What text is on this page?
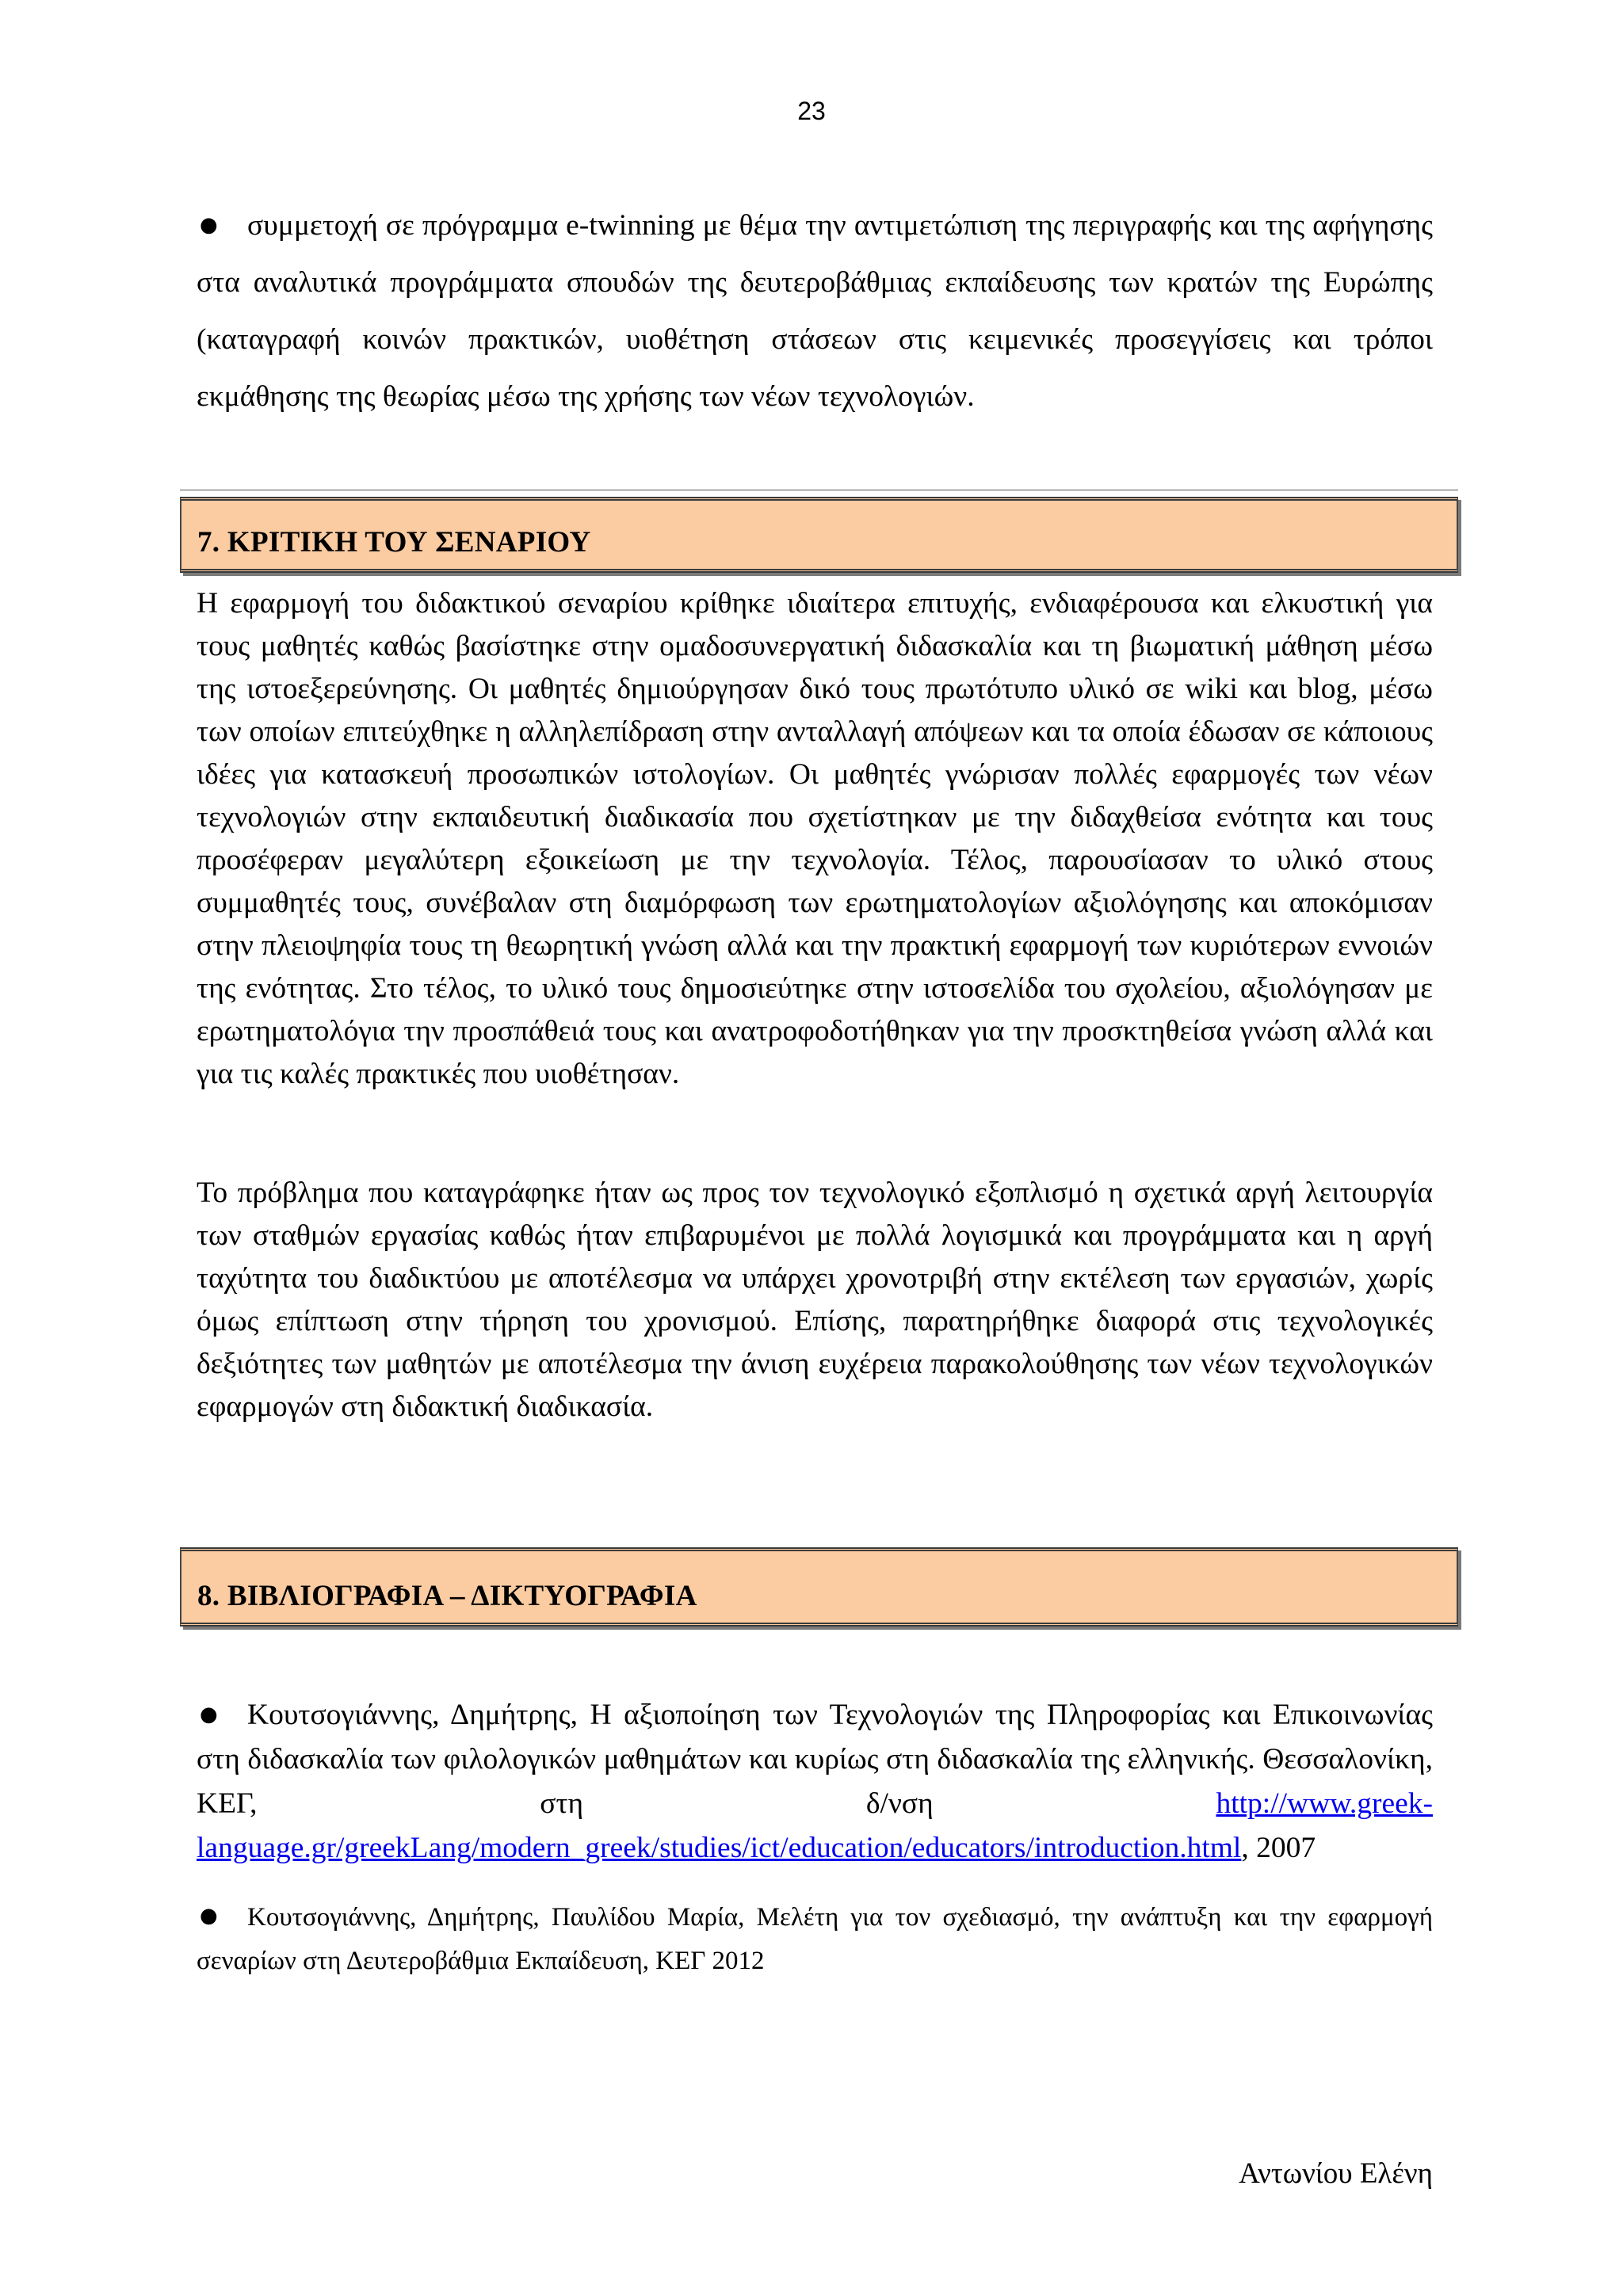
23

● συμμετοχή σε πρόγραμμα e-twinning με θέμα την αντιμετώπιση της περιγραφής και της αφήγησης στα αναλυτικά προγράμματα σπουδών της δευτεροβάθμιας εκπαίδευσης των κρατών της Ευρώπης (καταγραφή κοινών πρακτικών, υιοθέτηση στάσεων στις κειμενικές προσεγγίσεις και τρόποι εκμάθησης της θεωρίας μέσω της χρήσης των νέων τεχνολογιών.

7. ΚΡΙΤΙΚΗ ΤΟΥ ΣΕΝΑΡΙΟΥ

Η εφαρμογή του διδακτικού σεναρίου κρίθηκε ιδιαίτερα επιτυχής, ενδιαφέρουσα και ελκυστική για τους μαθητές καθώς βασίστηκε στην ομαδοσυνεργατική διδασκαλία και τη βιωματική μάθηση μέσω της ιστοεξερεύνησης. Οι μαθητές δημιούργησαν δικό τους πρωτότυπο υλικό σε wiki και blog, μέσω των οποίων επιτεύχθηκε η αλληλεπίδραση στην ανταλλαγή απόψεων και τα οποία έδωσαν σε κάποιους ιδέες για κατασκευή προσωπικών ιστολογίων. Οι μαθητές γνώρισαν πολλές εφαρμογές των νέων τεχνολογιών στην εκπαιδευτική διαδικασία που σχετίστηκαν με την διδαχθείσα ενότητα και τους προσέφεραν μεγαλύτερη εξοικείωση με την τεχνολογία. Τέλος, παρουσίασαν το υλικό στους συμμαθητές τους, συνέβαλαν στη διαμόρφωση των ερωτηματολογίων αξιολόγησης και αποκόμισαν στην πλειοψηφία τους τη θεωρητική γνώση αλλά και την πρακτική εφαρμογή των κυριότερων εννοιών της ενότητας. Στο τέλος, το υλικό τους δημοσιεύτηκε στην ιστοσελίδα του σχολείου, αξιολόγησαν με ερωτηματολόγια την προσπάθειά τους και ανατροφοδοτήθηκαν για την προσκτηθείσα γνώση αλλά και για τις καλές πρακτικές που υιοθέτησαν.

Το πρόβλημα που καταγράφηκε ήταν ως προς τον τεχνολογικό εξοπλισμό η σχετικά αργή λειτουργία των σταθμών εργασίας καθώς ήταν επιβαρυμένοι με πολλά λογισμικά και προγράμματα και η αργή ταχύτητα του διαδικτύου με αποτέλεσμα να υπάρχει χρονοτριβή στην εκτέλεση των εργασιών, χωρίς όμως επίπτωση στην τήρηση του χρονισμού. Επίσης, παρατηρήθηκε διαφορά στις τεχνολογικές δεξιότητες των μαθητών με αποτέλεσμα την άνιση ευχέρεια παρακολούθησης των νέων τεχνολογικών εφαρμογών στη διδακτική διαδικασία.

8. ΒΙΒΛΙΟΓΡΑΦΙΑ – ΔΙΚΤΥΟΓΡΑΦΙΑ

● Κουτσογιάννης, Δημήτρης, Η αξιοποίηση των Τεχνολογιών της Πληροφορίας και Επικοινωνίας στη διδασκαλία των φιλολογικών μαθημάτων και κυρίως στη διδασκαλία της ελληνικής. Θεσσαλονίκη, ΚΕΓ, στη δ/νση http://www.greek-language.gr/greekLang/modern_greek/studies/ict/education/educators/introduction.html, 2007

● Κουτσογιάννης, Δημήτρης, Παυλίδου Μαρία, Μελέτη για τον σχεδιασμό, την ανάπτυξη και την εφαρμογή σεναρίων στη Δευτεροβάθμια Εκπαίδευση, ΚΕΓ 2012

Αντωνίου Ελένη
